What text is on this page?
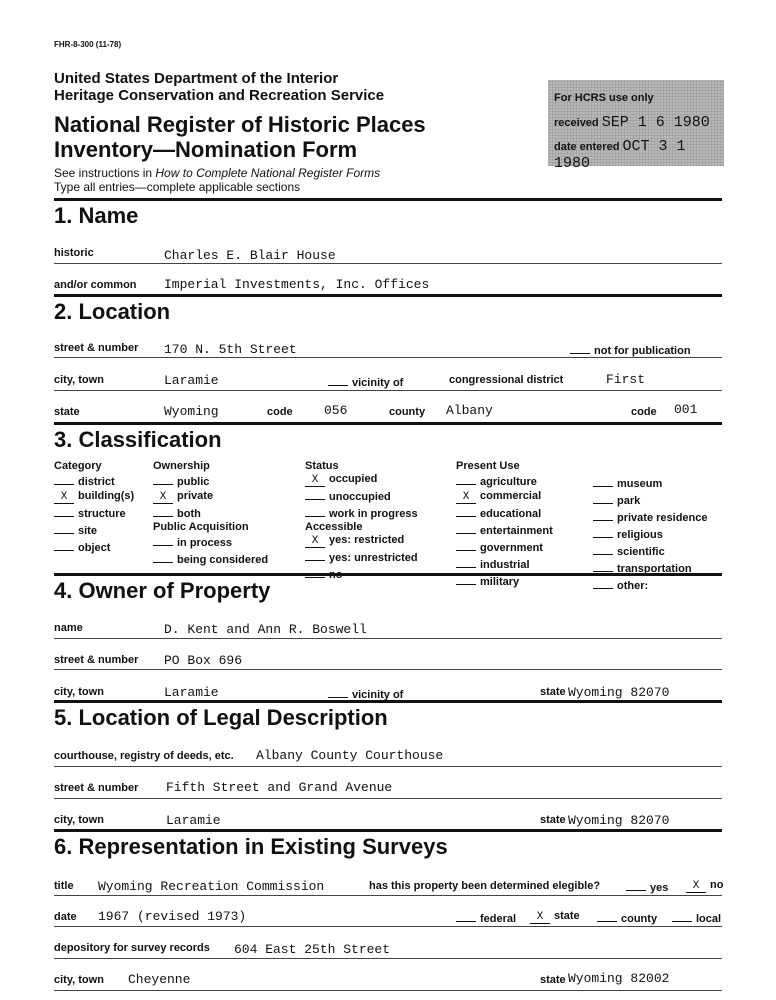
FHR-8-300 (11-78)
United States Department of the Interior
Heritage Conservation and Recreation Service
National Register of Historic Places
Inventory—Nomination Form
See instructions in How to Complete National Register Forms
Type all entries—complete applicable sections
For HCRS use only
received SEP 1 6 1980
date entered OCT 3 1 1980
1. Name
historic	Charles E. Blair House
and/or common Imperial Investments, Inc. Offices
2. Location
street & number 170 N. 5th Street	not for publication
city, town	Laramie	vicinity of	congressional district	First
state	Wyoming	code 056	county Albany	code 001
3. Classification
Category
district
X building(s)
structure
site
object
Ownership
public
X private
both
Public Acquisition
in process
being considered
Status
X occupied
unoccupied
work in progress
Accessible
X yes: restricted
yes: unrestricted
no
Present Use
agriculture
X commercial
educational
entertainment
government
industrial
military
museum
park
private residence
religious
scientific
transportation
other:
4. Owner of Property
name	D. Kent and Ann R. Boswell
street & number PO Box 696
city, town	Laramie	vicinity of	state Wyoming 82070
5. Location of Legal Description
courthouse, registry of deeds, etc. Albany County Courthouse
street & number Fifth Street and Grand Avenue
city, town	Laramie	state Wyoming 82070
6. Representation in Existing Surveys
title Wyoming Recreation Commission	has this property been determined elegible?	yes	X no
date 1967 (revised 1973)	federal	X state	county	local
depository for survey records 604 East 25th Street
city, town Cheyenne	state Wyoming 82002
